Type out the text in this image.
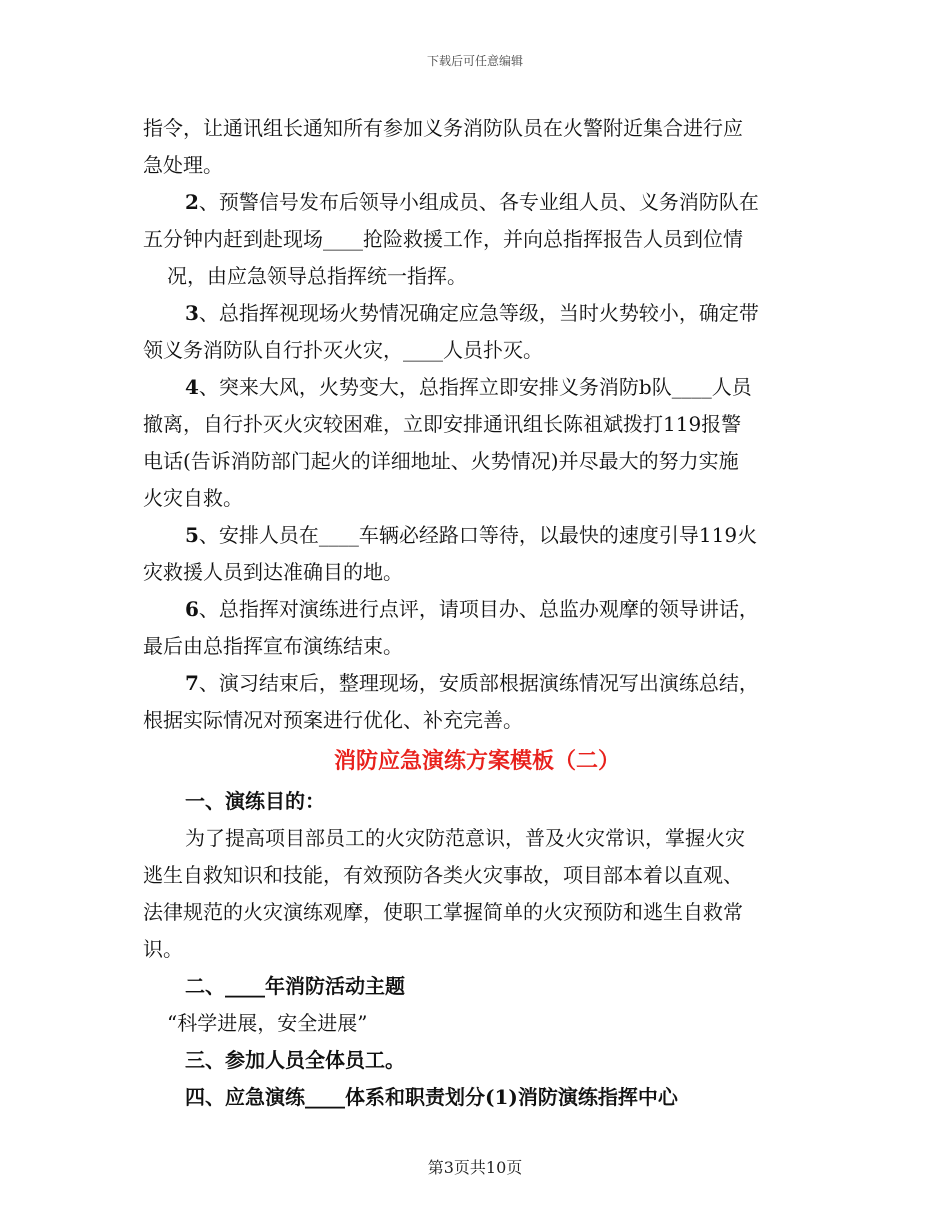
下载后可任意编辑
指令，让通讯组长通知所有参加义务消防队员在火警附近集合进行应
急处理。
2、预警信号发布后领导小组成员、各专业组人员、义务消防队在
五分钟内赶到赴现场____抢险救援工作，并向总指挥报告人员到位情
况，由应急领导总指挥统一指挥。
3、总指挥视现场火势情况确定应急等级，当时火势较小，确定带
领义务消防队自行扑灭火灾，____人员扑灭。
4、突来大风，火势变大，总指挥立即安排义务消防b队____人员
撤离，自行扑灭火灾较困难，立即安排通讯组长陈祖斌拨打119报警
电话(告诉消防部门起火的详细地址、火势情况)并尽最大的努力实施
火灾自救。
5、安排人员在____车辆必经路口等待，以最快的速度引导119火
灾救援人员到达准确目的地。
6、总指挥对演练进行点评，请项目办、总监办观摩的领导讲话，
最后由总指挥宣布演练结束。
7、演习结束后，整理现场，安质部根据演练情况写出演练总结，
根据实际情况对预案进行优化、补充完善。
消防应急演练方案模板（二）
一、演练目的：
为了提高项目部员工的火灾防范意识，普及火灾常识，掌握火灾
逃生自救知识和技能，有效预防各类火灾事故，项目部本着以直观、
法律规范的火灾演练观摩，使职工掌握简单的火灾预防和逃生自救常
识。
二、____年消防活动主题
“科学进展，安全进展”
三、参加人员全体员工。
四、应急演练____体系和职责划分(1)消防演练指挥中心
第3页共10页
